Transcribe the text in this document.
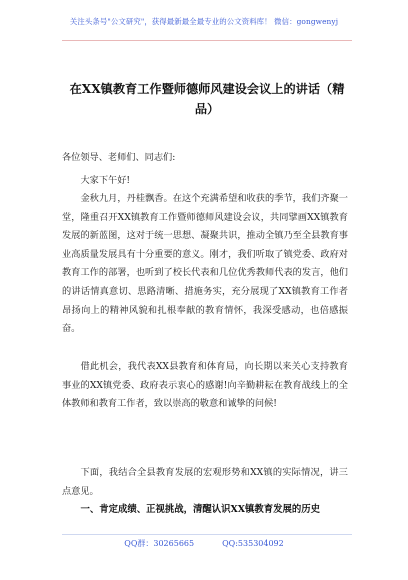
关注头条号"公文研究"，获得最新最全最专业的公文资料库！ 微信：gongwenyj
在XX镇教育工作暨师德师风建设会议上的讲话（精品）
各位领导、老师们、同志们:

大家下午好!

金秋九月，丹桂飘香。在这个充满希望和收获的季节，我们齐聚一堂，隆重召开XX镇教育工作暨师德师风建设会议，共同擘画XX镇教育发展的新蓝图，这对于统一思想、凝聚共识，推动全镇乃至全县教育事业高质量发展具有十分重要的意义。刚才，我们听取了镇党委、政府对教育工作的部署，也听到了校长代表和几位优秀教师代表的发言，他们的讲话情真意切、思路清晰、措施务实，充分展现了XX镇教育工作者昂扬向上的精神风貌和扎根奉献的教育情怀，我深受感动，也倍感振奋。

借此机会，我代表XX县教育和体育局，向长期以来关心支持教育事业的XX镇党委、政府表示衷心的感谢!向辛勤耕耘在教育战线上的全体教师和教育工作者，致以崇高的敬意和诚挚的问候!

下面，我结合全县教育发展的宏观形势和XX镇的实际情况，讲三点意见。

一、肯定成绩、正视挑战，清醒认识XX镇教育发展的历史
QQ群：30265665	QQ:535304092
